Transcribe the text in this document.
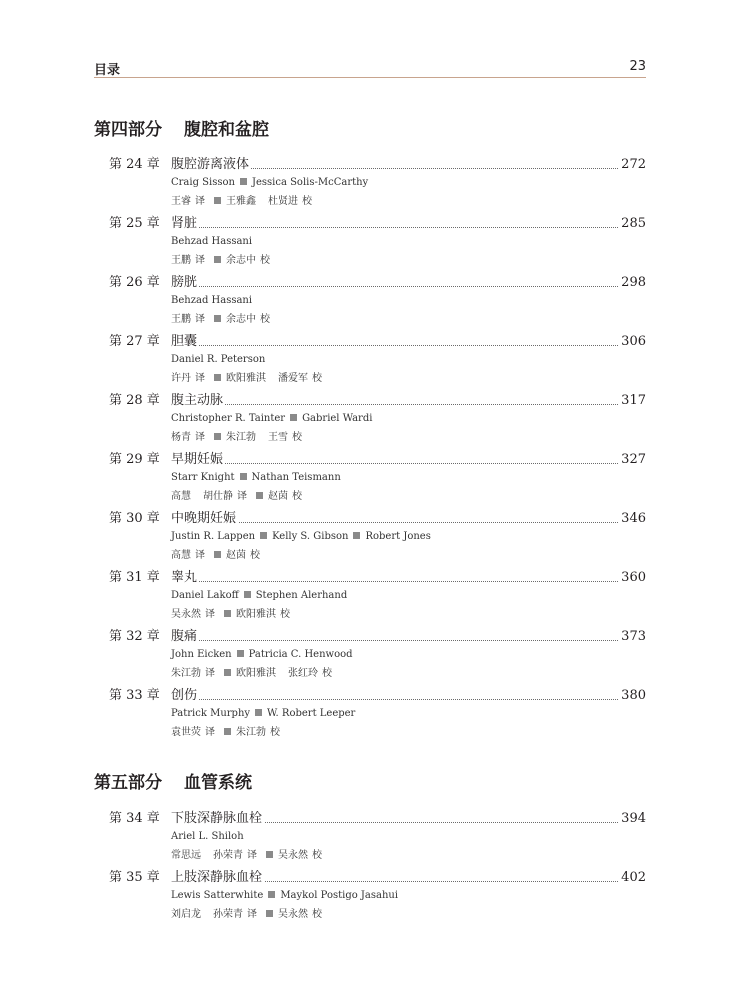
目录	23
第四部分 腹腔和盆腔
第 24 章 腹腔游离液体	272
Craig Sisson Jessica Solis-McCarthy
王睿 译 王雅鑫 杜贤进 校
第 25 章 肾脏	285
Behzad Hassani
王鹏 译 余志中 校
第 26 章 膀胱	298
Behzad Hassani
王鹏 译 余志中 校
第 27 章 胆囊	306
Daniel R. Peterson
许丹 译 欧阳雅淇 潘爱军 校
第 28 章 腹主动脉	317
Christopher R. Tainter Gabriel Wardi
杨青 译 朱江勃 王雪 校
第 29 章 早期妊娠	327
Starr Knight Nathan Teismann
高慧 胡仕静 译 赵茵 校
第 30 章 中晚期妊娠	346
Justin R. Lappen Kelly S. Gibson Robert Jones
高慧 译 赵茵 校
第 31 章 睾丸	360
Daniel Lakoff Stephen Alerhand
吴永然 译 欧阳雅淇 校
第 32 章 腹痛	373
John Eicken Patricia C. Henwood
朱江勃 译 欧阳雅淇 张红玲 校
第 33 章 创伤	380
Patrick Murphy W. Robert Leeper
袁世荧 译 朱江勃 校
第五部分 血管系统
第 34 章 下肢深静脉血栓	394
Ariel L. Shiloh
常思远 孙荣青 译 吴永然 校
第 35 章 上肢深静脉血栓	402
Lewis Satterwhite Maykol Postigo Jasahui
刘启龙 孙荣青 译 吴永然 校
